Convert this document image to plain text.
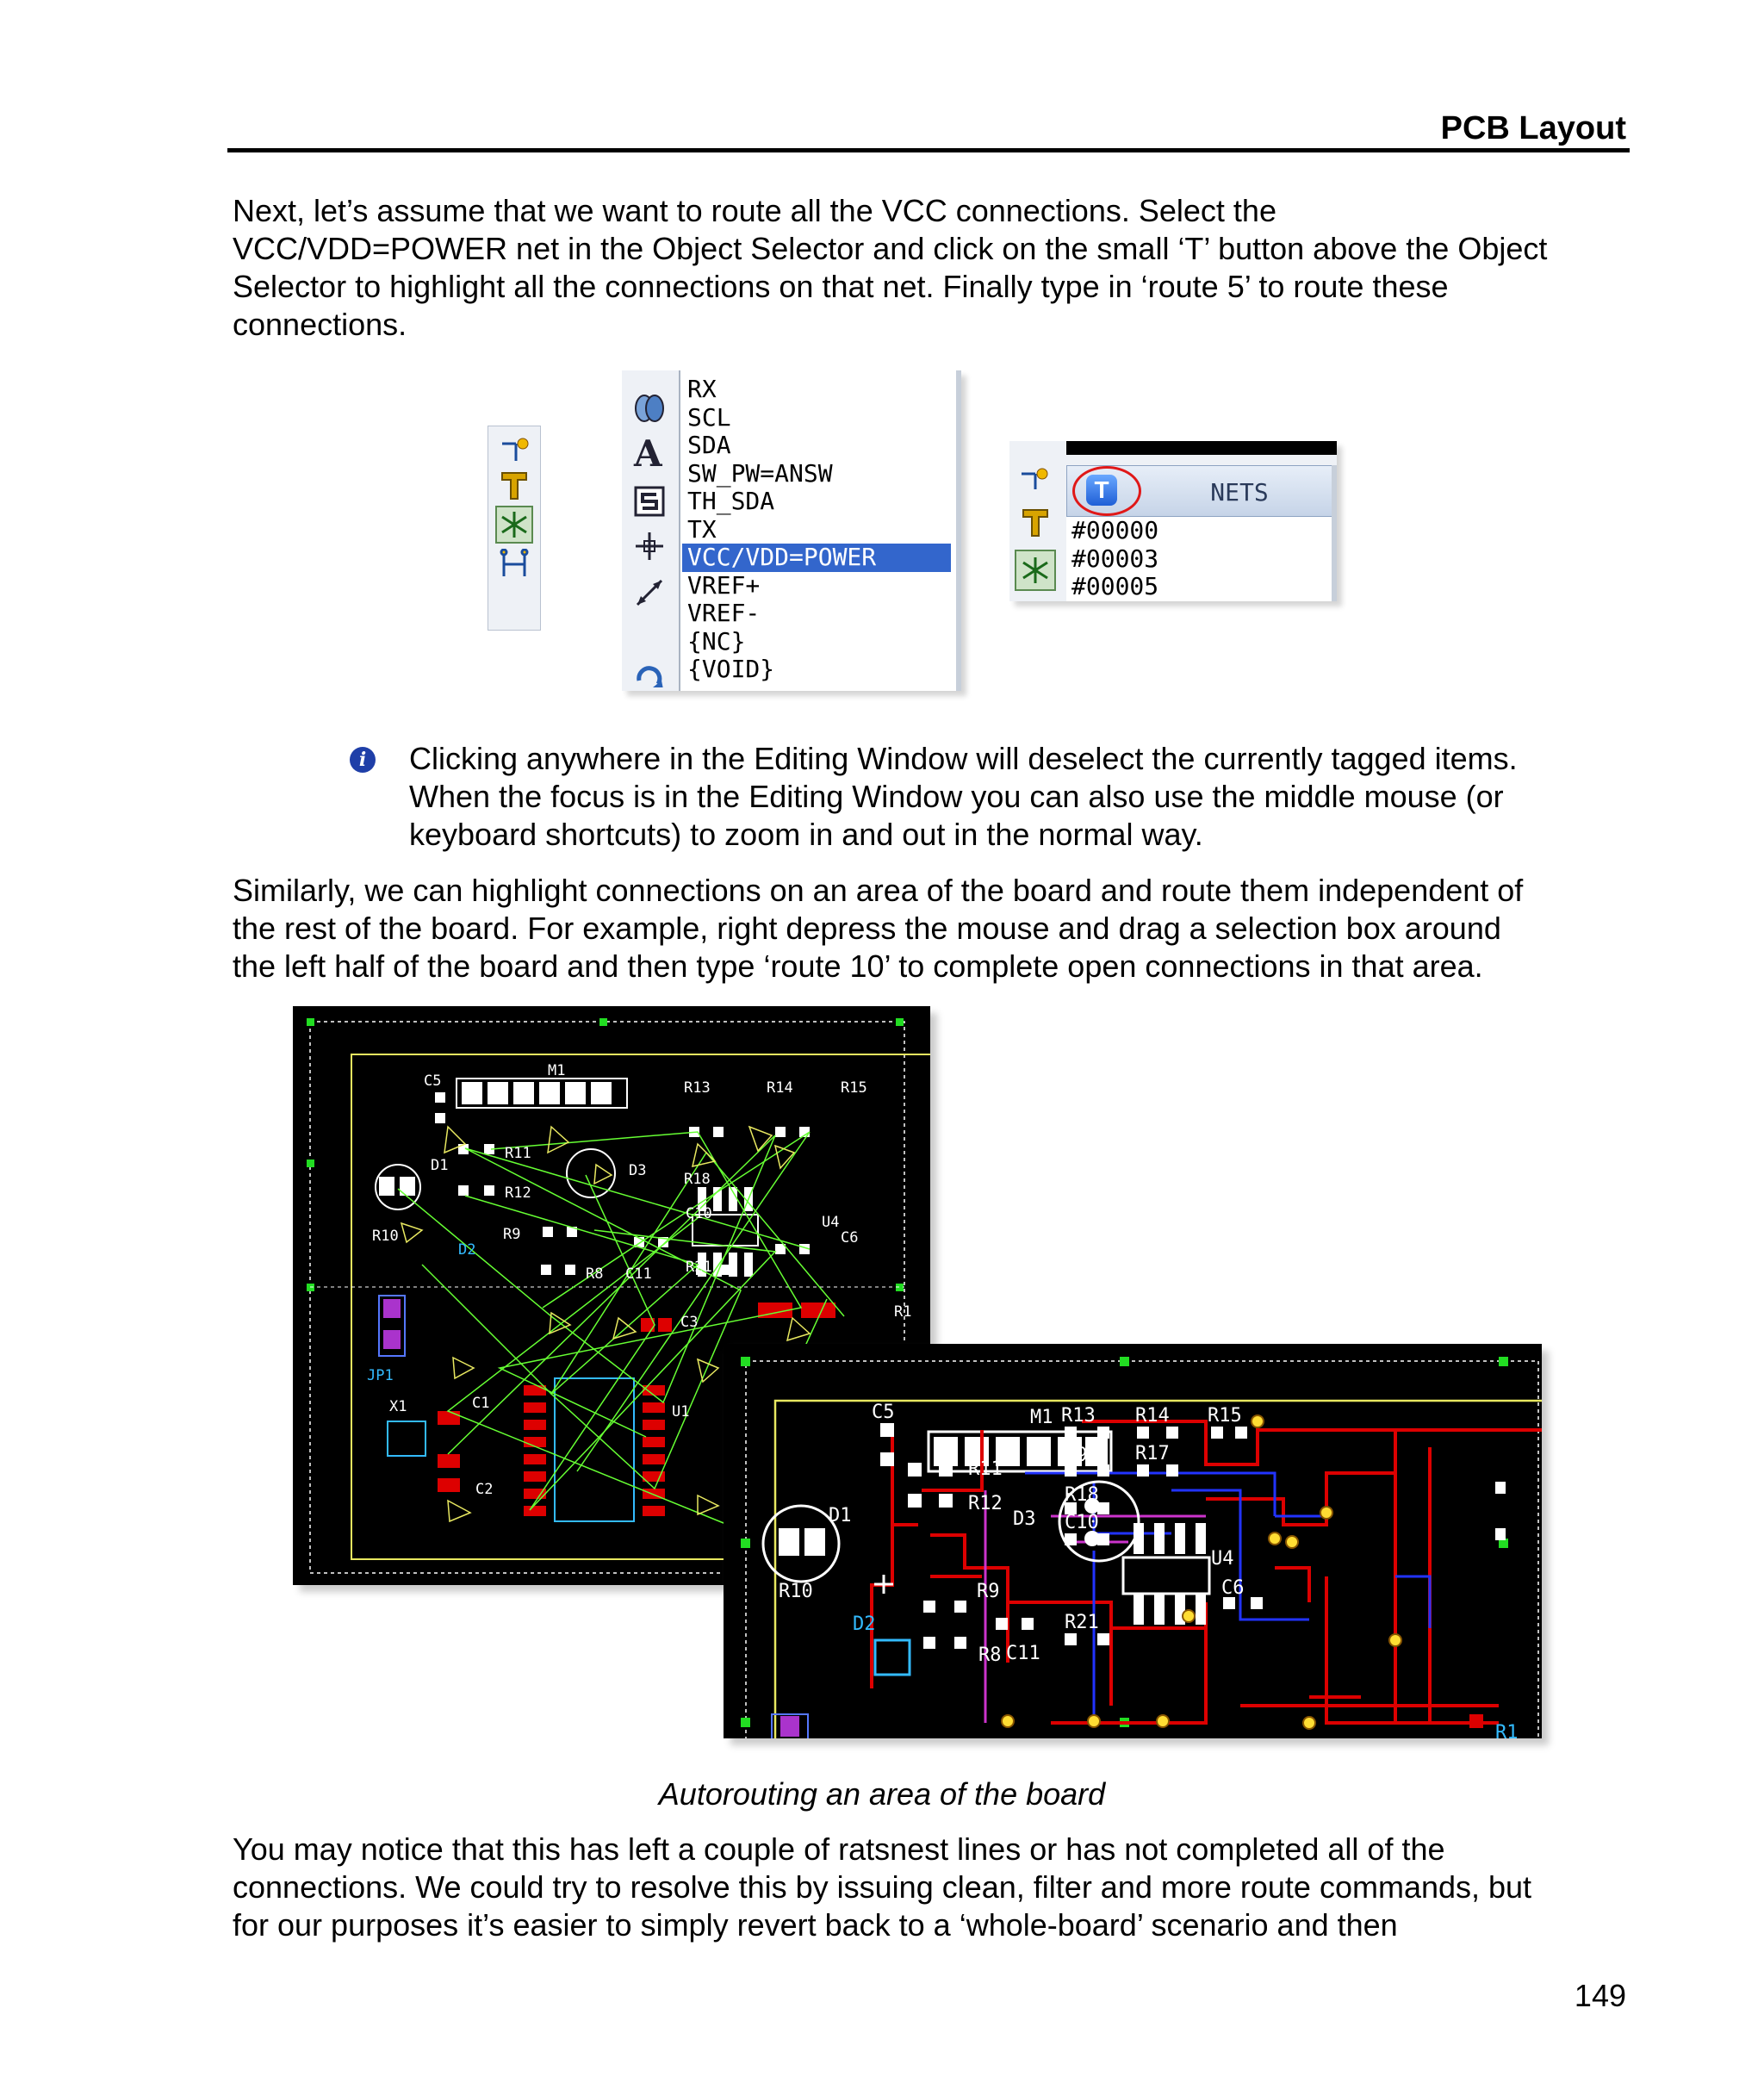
PCB Layout
Next, let’s assume that we want to route all the VCC connections. Select the
VCC/VDD=POWER net in the Object Selector and click on the small ‘T’ button above the Object
Selector to highlight all the connections on that net. Finally type in ‘route 5’ to route these
connections.
A
RX
SCL
SDA
SW_PW=ANSW
TH_SDA
TX
VCC/VDD=POWER
VREF+
VREF-
{NC}
{VOID}
T	NETS
#00000
#00003
#00005
i	Clicking anywhere in the Editing Window will deselect the currently tagged items.
When the focus is in the Editing Window you can also use the middle mouse (or
keyboard shortcuts) to zoom in and out in the normal way.
Similarly, we can highlight connections on an area of the board and route them independent of
the rest of the board. For example, right depress the mouse and drag a selection box around
the left half of the board and then type ‘route 10’ to complete open connections in that area.
C5
M1
R13	R14	R15
D1
R11
D3	R18
R12
C10	U4
R10	R9	C6
D2
R8 C11 R21
C3
R1
JP1
C1
X1	U1
C2
C5	M1 R13 R14 R15
C9	R17
D1
R11
D3
R18
R12
C10
U4
R10	R9	C6
D2
R8 C11
R21
R1
Autorouting an area of the board
You may notice that this has left a couple of ratsnest lines or has not completed all of the
connections. We could try to resolve this by issuing clean, filter and more route commands, but
for our purposes it’s easier to simply revert back to a ‘whole-board’ scenario and then
149
